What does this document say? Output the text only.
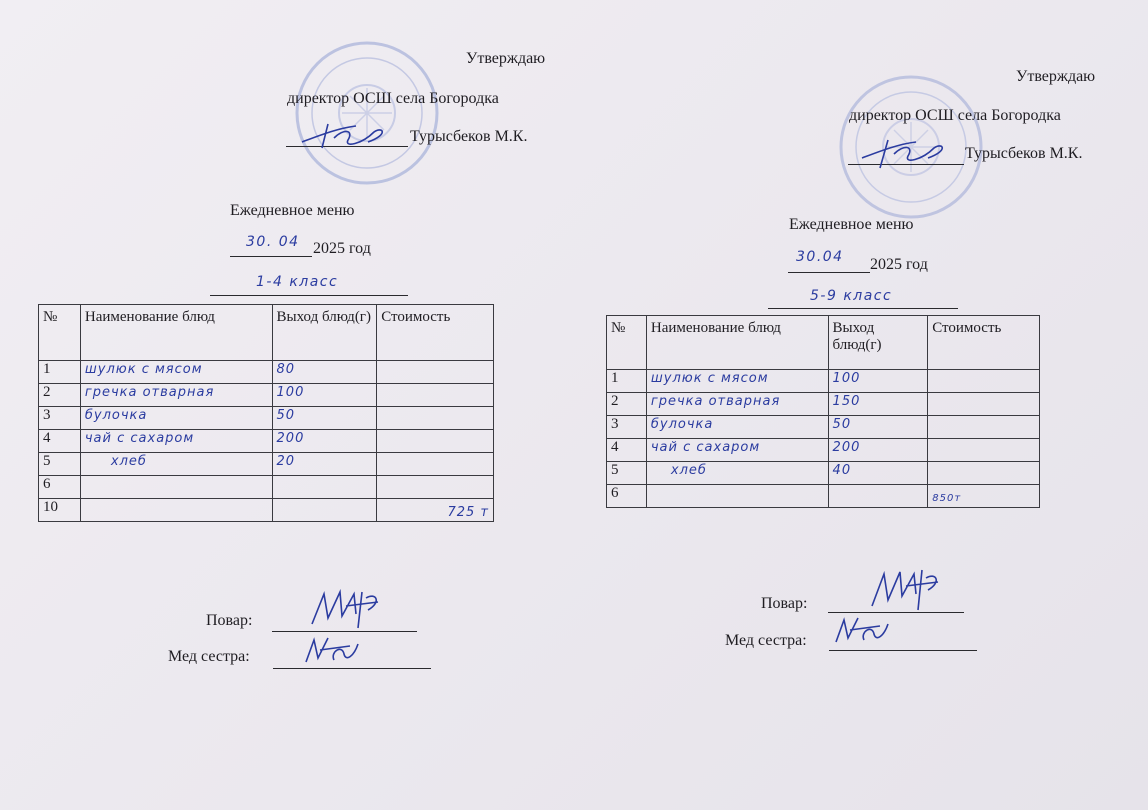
Утверждаю
директор ОСШ села Богородка
Турысбеков М.К.
Ежедневное меню
30. 04 2025 год
1-4 класс
№	Наименование блюд	Выход блюд(г)	Стоимость
1	шулюк с мясом	80	
2	гречка отварная	100	
3	булочка	50	
4	чай с сахаром	200	
5	хлеб	20	
6			
10			725 т
Повар:
Мед сестра:
Утверждаю
директор ОСШ села Богородка
Турысбеков М.К.
Ежедневное меню
30.04 2025 год
5-9 класс
№	Наименование блюд	Выход блюд(г)	Стоимость
1	шулюк с мясом	100	
2	гречка отварная	150	
3	булочка	50	
4	чай с сахаром	200	
5	хлеб	40	
6			850т
Повар:
Мед сестра:
